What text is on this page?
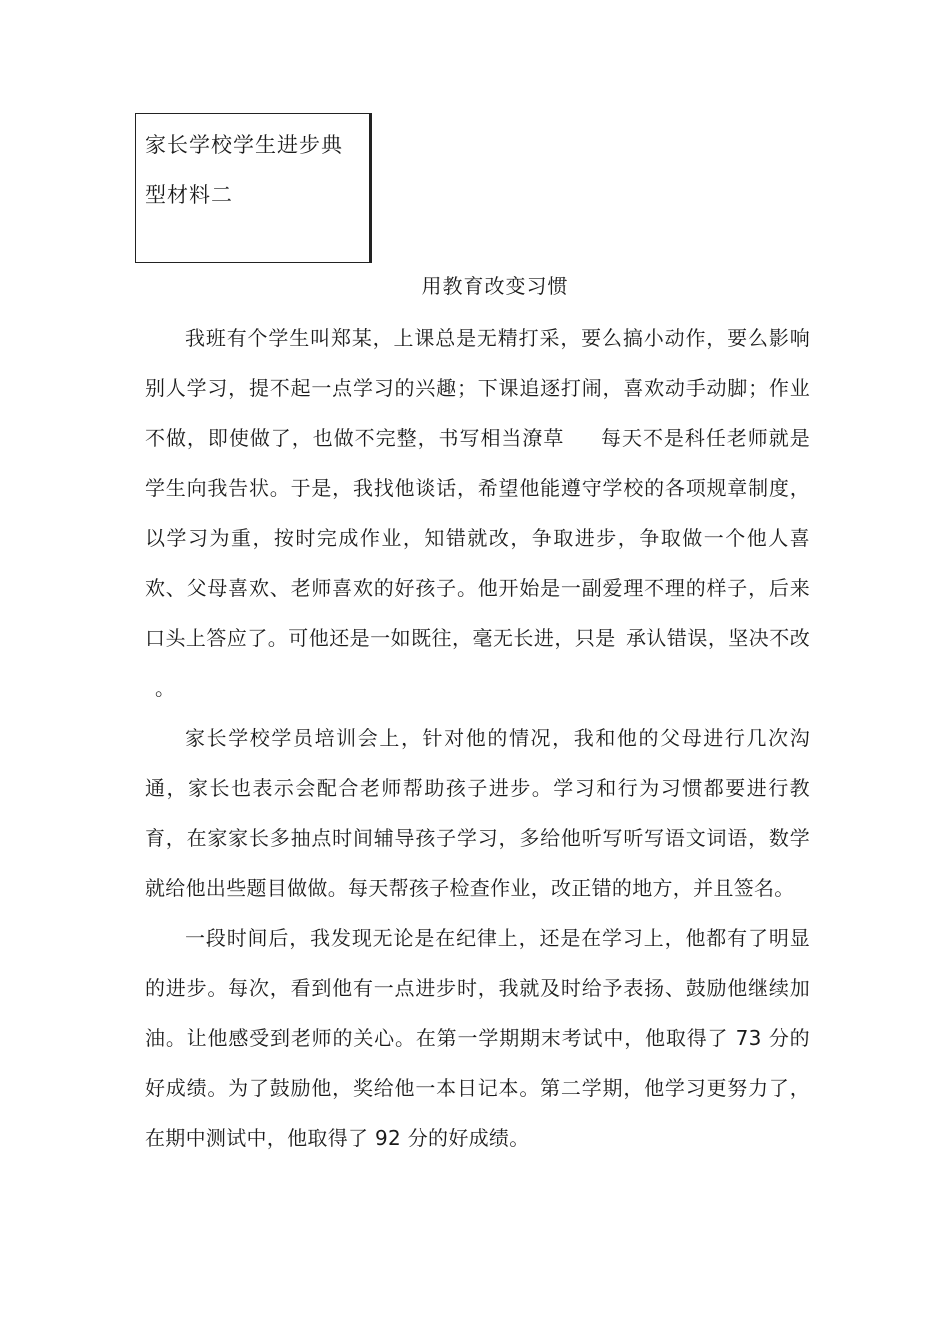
家长学校学生进步典
型材料二
用教育改变习惯

我班有个学生叫郑某，上课总是无精打采，要么搞小动作，要么影响别人学习，提不起一点学习的兴趣；下课追逐打闹，喜欢动手动脚；作业不做，即使做了，也做不完整，书写相当潦草 每天不是科任老师就是学生向我告状。于是，我找他谈话，希望他能遵守学校的各项规章制度，以学习为重，按时完成作业，知错就改，争取进步，争取做一个他人喜欢、父母喜欢、老师喜欢的好孩子。他开始是一副爱理不理的样子，后来口头上答应了。可他还是一如既往，毫无长进，只是 承认错误，坚决不改。

家长学校学员培训会上，针对他的情况，我和他的父母进行几次沟通，家长也表示会配合老师帮助孩子进步。学习和行为习惯都要进行教育，在家家长多抽点时间辅导孩子学习，多给他听写听写语文词语，数学就给他出些题目做做。每天帮孩子检查作业，改正错的地方，并且签名。

一段时间后，我发现无论是在纪律上，还是在学习上，他都有了明显的进步。每次，看到他有一点进步时，我就及时给予表扬、鼓励他继续加油。让他感受到老师的关心。在第一学期期末考试中，他取得了 73 分的好成绩。为了鼓励他，奖给他一本日记本。第二学期，他学习更努力了，在期中测试中，他取得了 92 分的好成绩。
